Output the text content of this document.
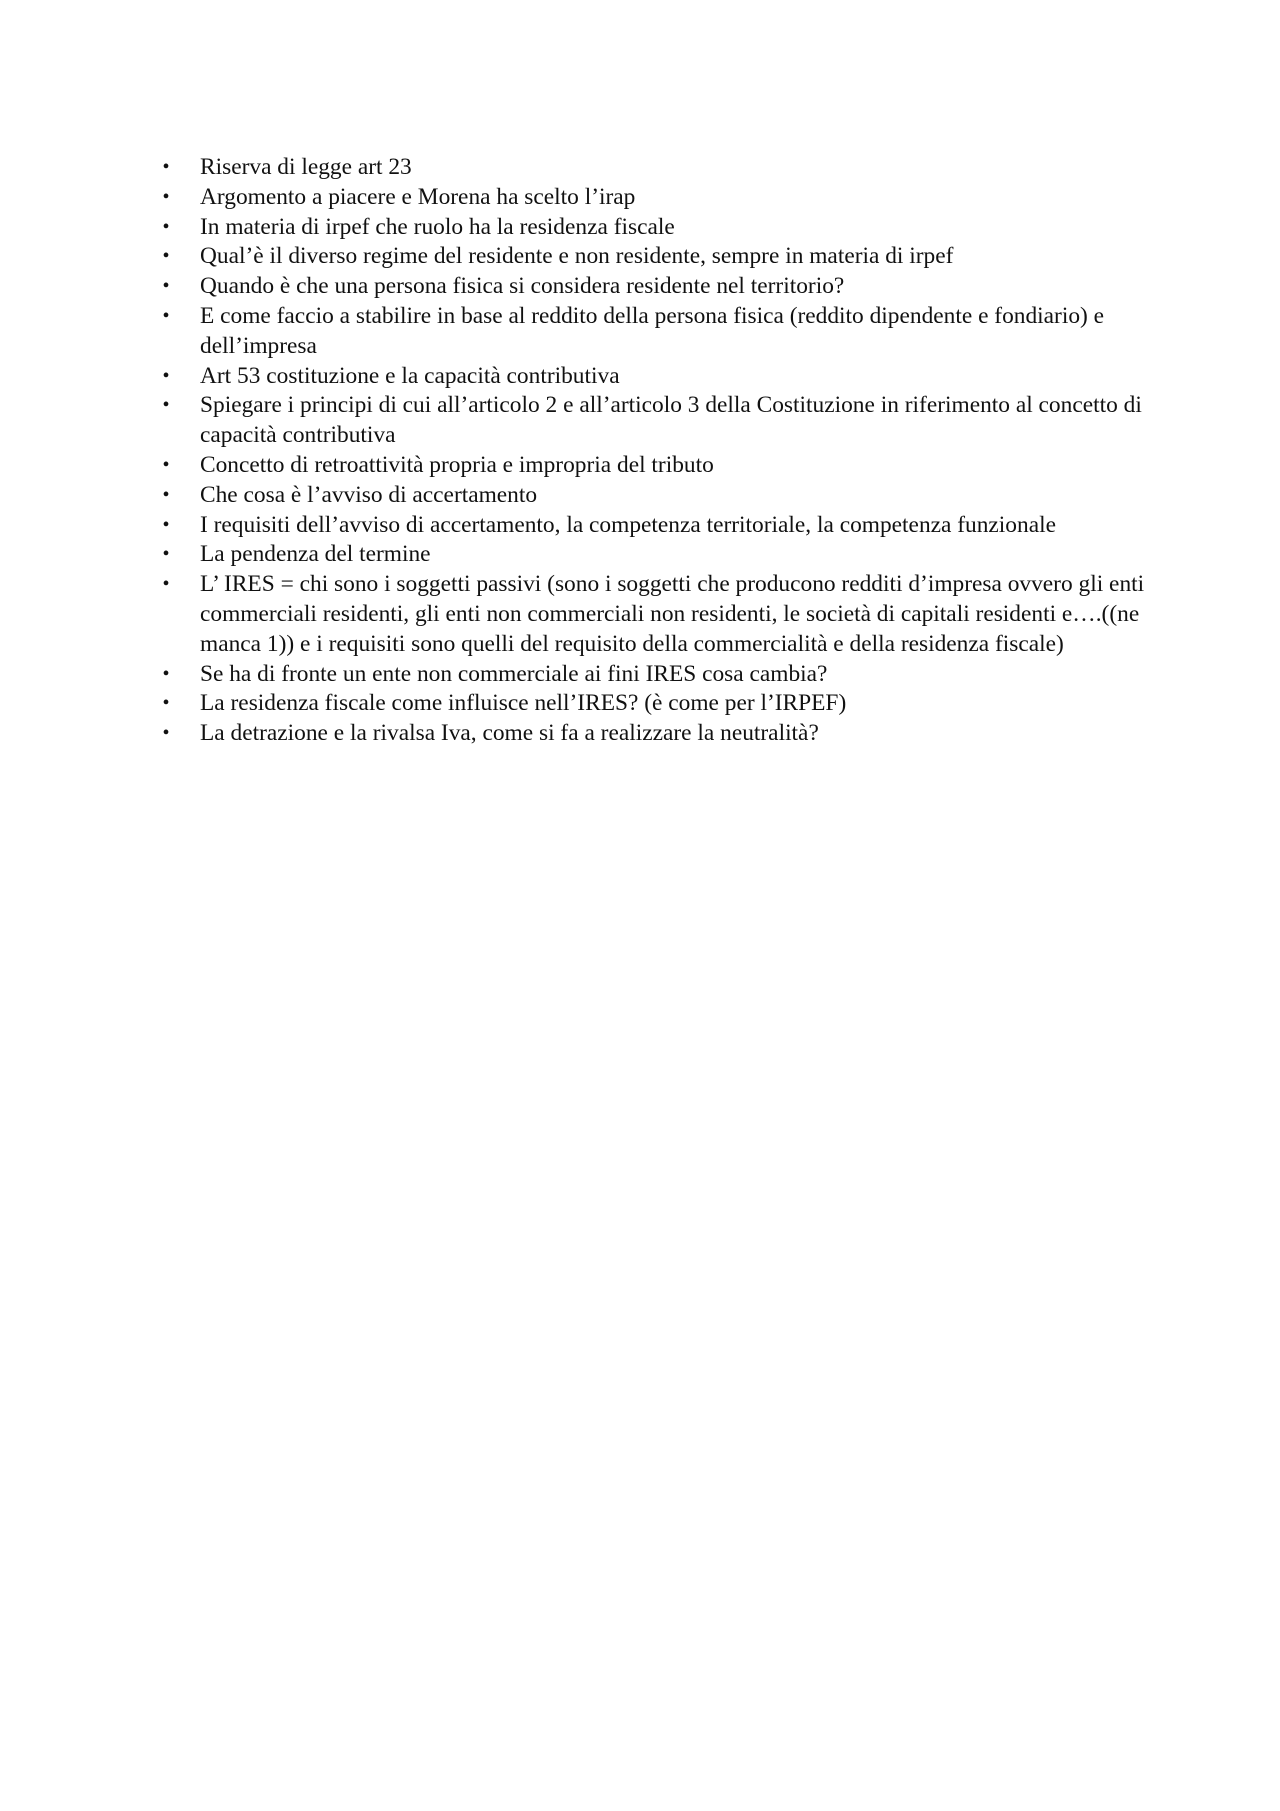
• Riserva di legge art 23
• Argomento a piacere e Morena ha scelto l’irap
• In materia di irpef che ruolo ha la residenza fiscale
• Qual’è il diverso regime del residente e non residente, sempre in materia di irpef
• Quando è che una persona fisica si considera residente nel territorio?
• E come faccio a stabilire in base al reddito della persona fisica (reddito dipendente e fondiario) e dell’impresa
• Art 53 costituzione e la capacità contributiva
• Spiegare i principi di cui all’articolo 2 e all’articolo 3 della Costituzione in riferimento al concetto di capacità contributiva
• Concetto di retroattività propria e impropria del tributo
• Che cosa è l’avviso di accertamento
• I requisiti dell’avviso di accertamento, la competenza territoriale, la competenza funzionale
• La pendenza del termine
• L’ IRES = chi sono i soggetti passivi (sono i soggetti che producono redditi d’impresa ovvero gli enti commerciali residenti, gli enti non commerciali non residenti, le società di capitali residenti e….((ne manca 1)) e i requisiti sono quelli del requisito della commercialità e della residenza fiscale)
• Se ha di fronte un ente non commerciale ai fini IRES cosa cambia?
• La residenza fiscale come influisce nell’IRES? (è come per l’IRPEF)
• La detrazione e la rivalsa Iva, come si fa a realizzare la neutralità?
